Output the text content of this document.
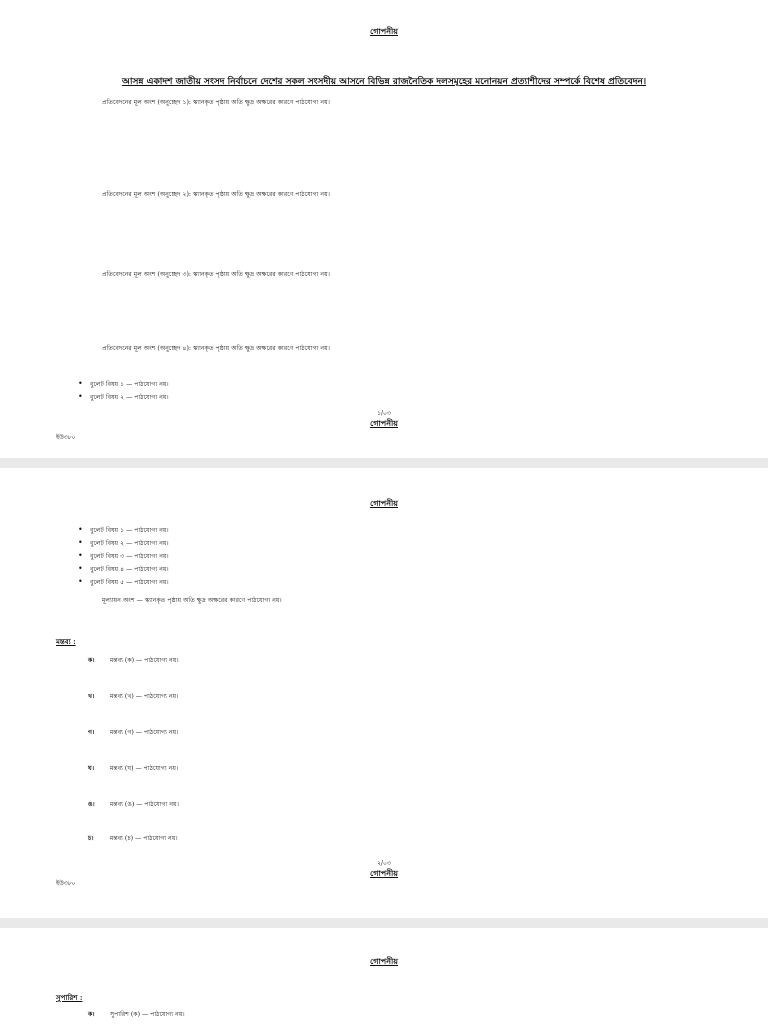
গোপনীয়
আসন্ন একাদশ জাতীয় সংসদ নির্বাচনে দেশের সকল সংসদীয় আসনে বিভিন্ন রাজনৈতিক দলসমূহের মনোনয়ন প্রত্যাশীদের সম্পর্কে বিশেষ প্রতিবেদন।
প্রতিবেদনের মূল অংশ (অনুচ্ছেদ ১): স্ক্যানকৃত পৃষ্ঠায় অতি ক্ষুদ্র অক্ষরের কারণে পাঠযোগ্য নয়।
প্রতিবেদনের মূল অংশ (অনুচ্ছেদ ২): স্ক্যানকৃত পৃষ্ঠায় অতি ক্ষুদ্র অক্ষরের কারণে পাঠযোগ্য নয়।
প্রতিবেদনের মূল অংশ (অনুচ্ছেদ ৩): স্ক্যানকৃত পৃষ্ঠায় অতি ক্ষুদ্র অক্ষরের কারণে পাঠযোগ্য নয়।
প্রতিবেদনের মূল অংশ (অনুচ্ছেদ ৪): স্ক্যানকৃত পৃষ্ঠায় অতি ক্ষুদ্র অক্ষরের কারণে পাঠযোগ্য নয়।
• বুলেট বিষয় ১ — পাঠযোগ্য নয়।
• বুলেট বিষয় ২ — পাঠযোগ্য নয়।
১/০৩
গোপনীয়
ইউ৩৮০
গোপনীয়
• বুলেট বিষয় ১ — পাঠযোগ্য নয়।
• বুলেট বিষয় ২ — পাঠযোগ্য নয়।
• বুলেট বিষয় ৩ — পাঠযোগ্য নয়।
• বুলেট বিষয় ৪ — পাঠযোগ্য নয়।
• বুলেট বিষয় ৫ — পাঠযোগ্য নয়।
মূল্যায়ন অংশ — স্ক্যানকৃত পৃষ্ঠায় অতি ক্ষুদ্র অক্ষরের কারণে পাঠযোগ্য নয়।
মন্তব্য :
ক।	মন্তব্য (ক) — পাঠযোগ্য নয়।
খ।	মন্তব্য (খ) — পাঠযোগ্য নয়।
গ।	মন্তব্য (গ) — পাঠযোগ্য নয়।
ঘ।	মন্তব্য (ঘ) — পাঠযোগ্য নয়।
ঙ।	মন্তব্য (ঙ) — পাঠযোগ্য নয়।
চ।	মন্তব্য (চ) — পাঠযোগ্য নয়।
২/০৩
গোপনীয়
ইউ৩৮০
গোপনীয়
সুপারিশ :
ক।	সুপারিশ (ক) — পাঠযোগ্য নয়।
